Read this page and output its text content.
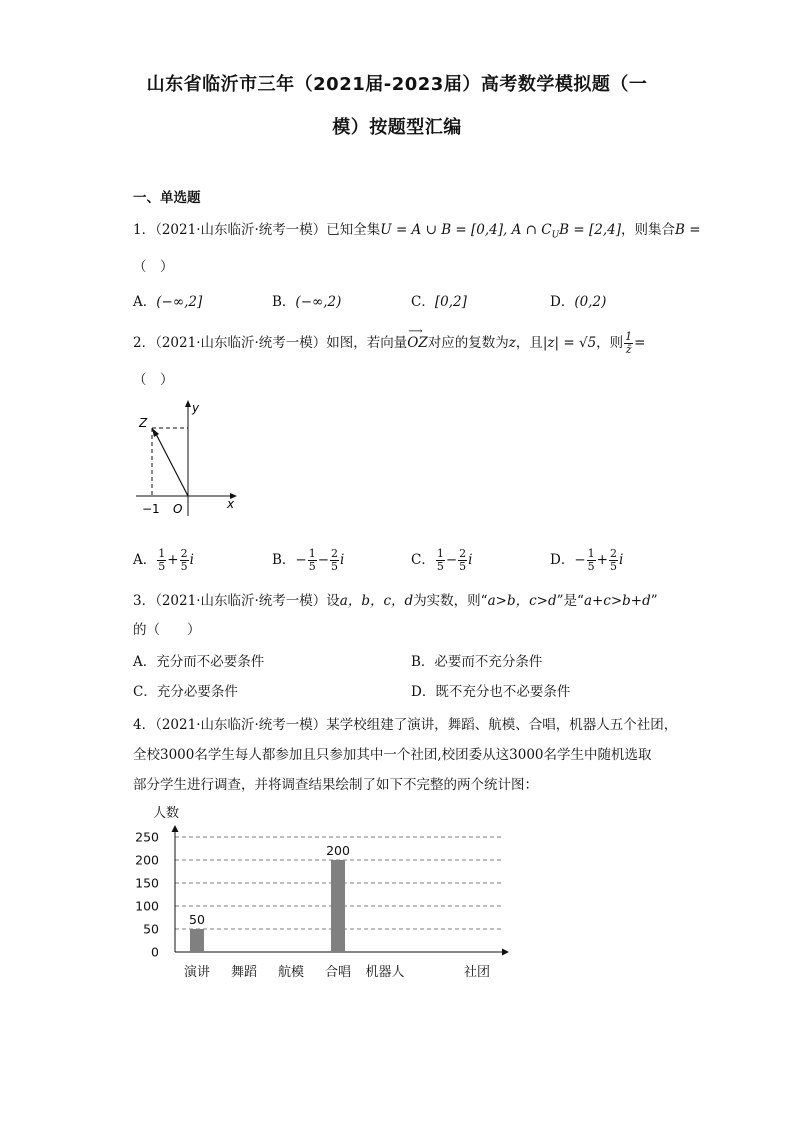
山东省临沂市三年（2021届-2023届）高考数学模拟题（一
模）按题型汇编
一、单选题
1．（2021·山东临沂·统考一模）已知全集U = A ∪ B = [0,4], A ∩ $C_UB = [2,4]$，则集合B =
（　）
A．(−∞,2]	B．(−∞,2)	C．[0,2]	D．(0,2)
2．（2021·山东临沂·统考一模）如图，若向量
⟶
OZ对应的复数为z，且|z| = √5，则 $\frac{1}{z̄}$ =
（　）
Z
y
x
O
−1
A． $\frac{1}{5} + \frac{2}{5}$ i	B．− $\frac{1}{5} - \frac{2}{5}$ i	C． $\frac{1}{5} - \frac{2}{5}$ i	D．− $\frac{1}{5} + \frac{2}{5}$ i
3．（2021·山东临沂·统考一模）设a，b，c，d为实数，则“a>b，c>d”是“a+c>b+d”
的（　　）
A．充分而不必要条件	B．必要而不充分条件
C．充分必要条件	D．既不充分也不必要条件
4．（2021·山东临沂·统考一模）某学校组建了演讲，舞蹈、航模、合唱，机器人五个社团，
全校3000名学生每人都参加且只参加其中一个社团,校团委从这3000名学生中随机选取
部分学生进行调查，并将调查结果绘制了如下不完整的两个统计图：
0
50
100
150
200
250
人数
社团
演讲
50
舞蹈 航模 合唱
200
机器人
